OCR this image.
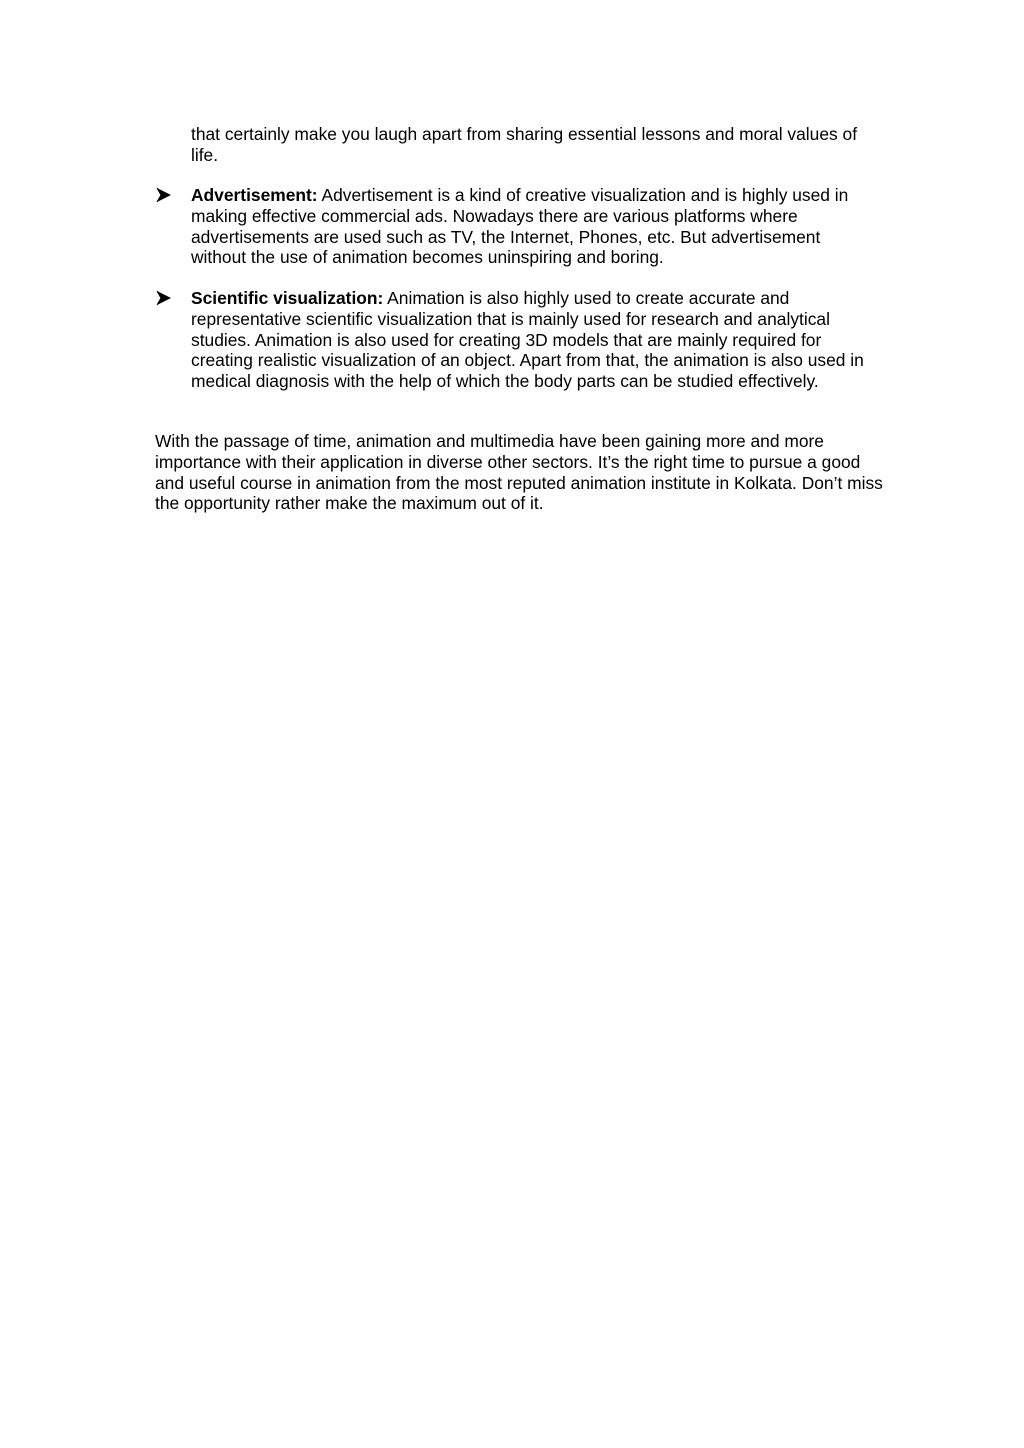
that certainly make you laugh apart from sharing essential lessons and moral values of life.

Advertisement: Advertisement is a kind of creative visualization and is highly used in making effective commercial ads. Nowadays there are various platforms where advertisements are used such as TV, the Internet, Phones, etc. But advertisement without the use of animation becomes uninspiring and boring.

Scientific visualization: Animation is also highly used to create accurate and representative scientific visualization that is mainly used for research and analytical studies. Animation is also used for creating 3D models that are mainly required for creating realistic visualization of an object. Apart from that, the animation is also used in medical diagnosis with the help of which the body parts can be studied effectively.

With the passage of time, animation and multimedia have been gaining more and more importance with their application in diverse other sectors. It’s the right time to pursue a good and useful course in animation from the most reputed animation institute in Kolkata. Don’t miss the opportunity rather make the maximum out of it.
